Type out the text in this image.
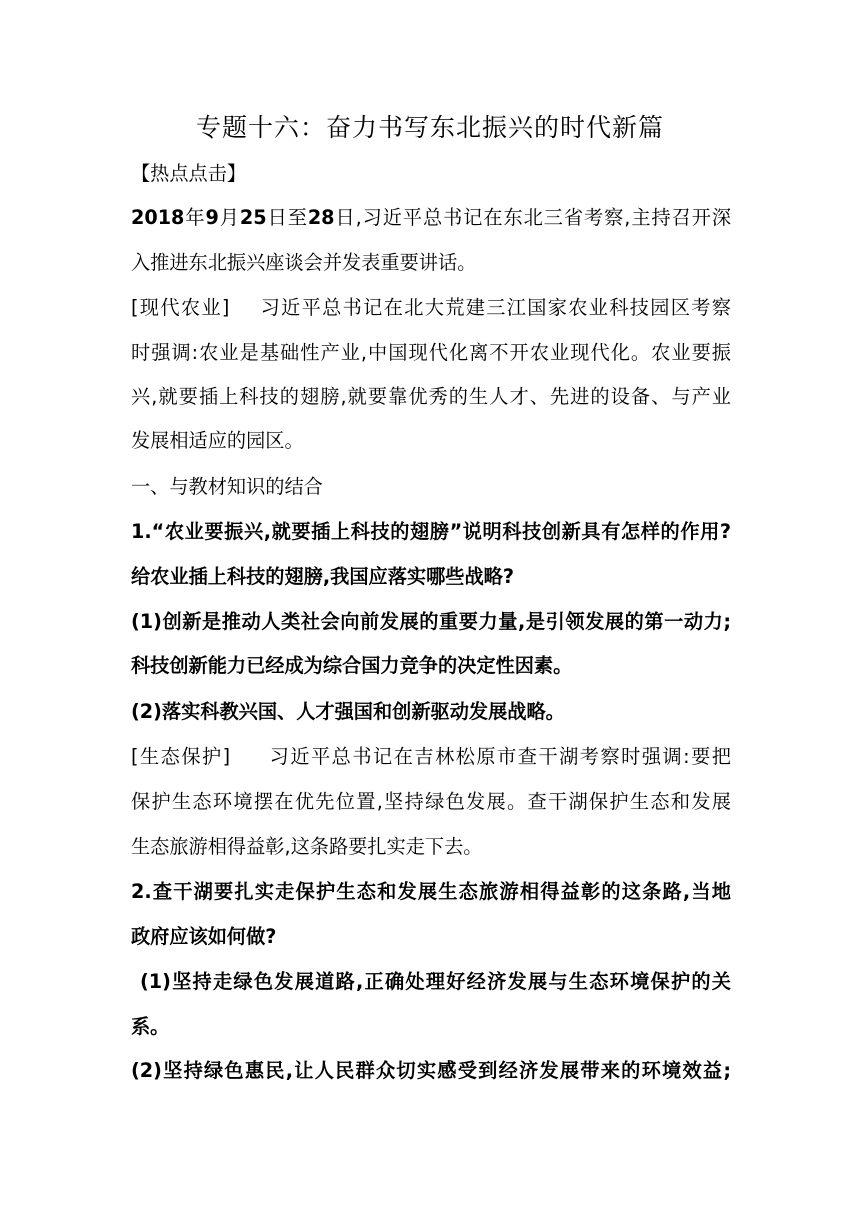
专题十六：奋力书写东北振兴的时代新篇
【热点点击】
2018年9月25日至28日,习近平总书记在东北三省考察,主持召开深
入推进东北振兴座谈会并发表重要讲话。
[现代农业] 习近平总书记在北大荒建三江国家农业科技园区考察
时强调:农业是基础性产业,中国现代化离不开农业现代化。农业要振
兴,就要插上科技的翅膀,就要靠优秀的生人才、先进的设备、与产业
发展相适应的园区。
一、与教材知识的结合
1.“农业要振兴,就要插上科技的翅膀”说明科技创新具有怎样的作用?
给农业插上科技的翅膀,我国应落实哪些战略?
(1)创新是推动人类社会向前发展的重要力量,是引领发展的第一动力;
科技创新能力已经成为综合国力竞争的决定性因素。
(2)落实科教兴国、人才强国和创新驱动发展战略。
[生态保护] 习近平总书记在吉林松原市查干湖考察时强调:要把
保护生态环境摆在优先位置,坚持绿色发展。查干湖保护生态和发展
生态旅游相得益彰,这条路要扎实走下去。
2.查干湖要扎实走保护生态和发展生态旅游相得益彰的这条路,当地
政府应该如何做?
(1)坚持走绿色发展道路,正确处理好经济发展与生态环境保护的关
系。
(2)坚持绿色惠民,让人民群众切实感受到经济发展带来的环境效益;
